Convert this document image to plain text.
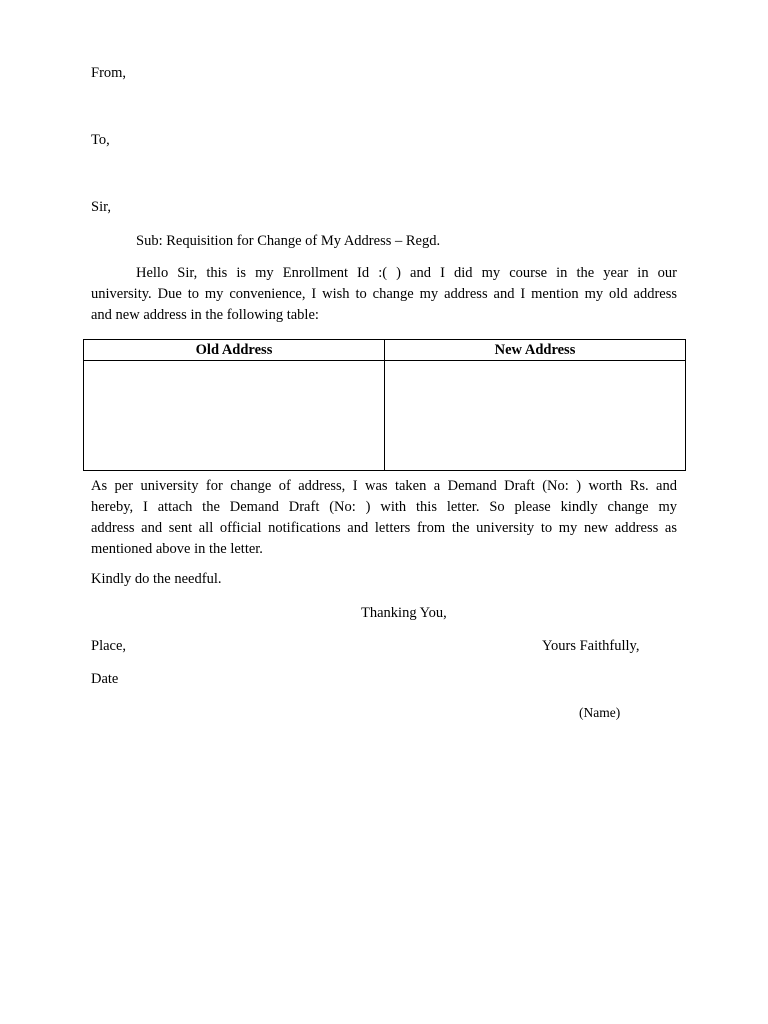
From,
To,
Sir,
Sub: Requisition for Change of My Address – Regd.
Hello Sir, this is my Enrollment Id :( ) and I did my course in the year in our
university. Due to my convenience, I wish to change my address and I mention my old address
and new address in the following table:
Old Address	New Address

As per university for change of address, I was taken a Demand Draft (No: ) worth Rs. and
hereby, I attach the Demand Draft (No: ) with this letter. So please kindly change my
address and sent all official notifications and letters from the university to my new address as
mentioned above in the letter.
Kindly do the needful.
Thanking You,
Place,	Yours Faithfully,
Date
(Name)
